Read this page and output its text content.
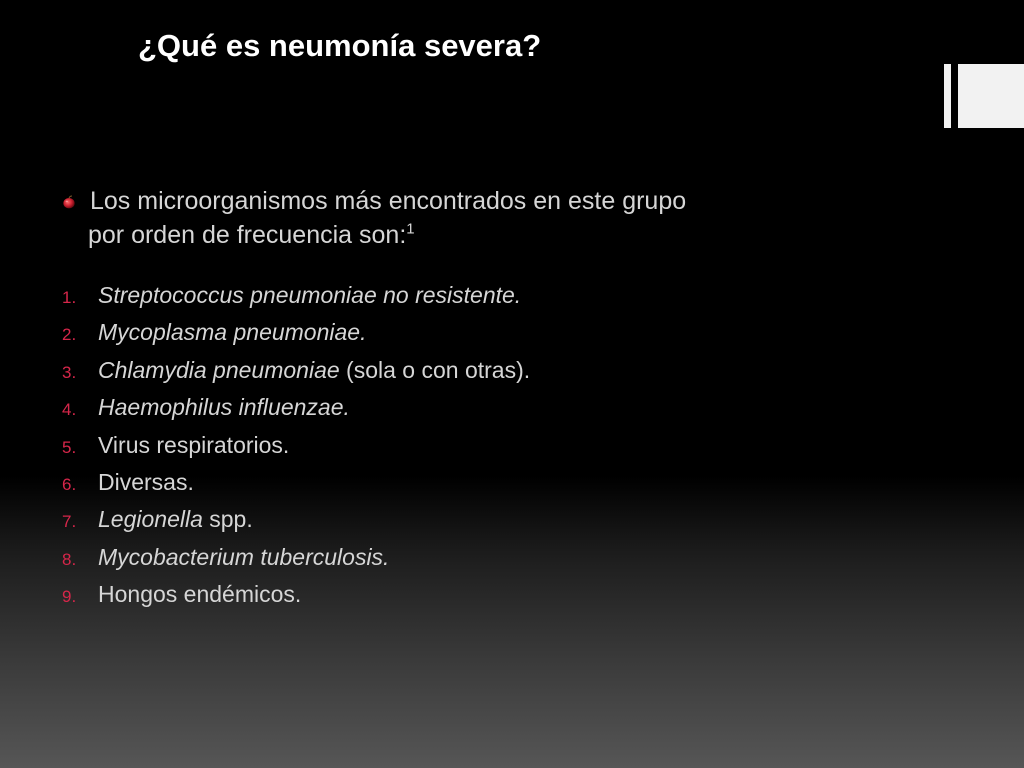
¿Qué es neumonía severa?
Los microorganismos más encontrados en este grupo
por orden de frecuencia son:$^1$
1. Streptococcus pneumoniae no resistente.
2. Mycoplasma pneumoniae.
3. Chlamydia pneumoniae (sola o con otras).
4. Haemophilus influenzae.
5. Virus respiratorios.
6. Diversas.
7. Legionella spp.
8. Mycobacterium tuberculosis.
9. Hongos endémicos.
